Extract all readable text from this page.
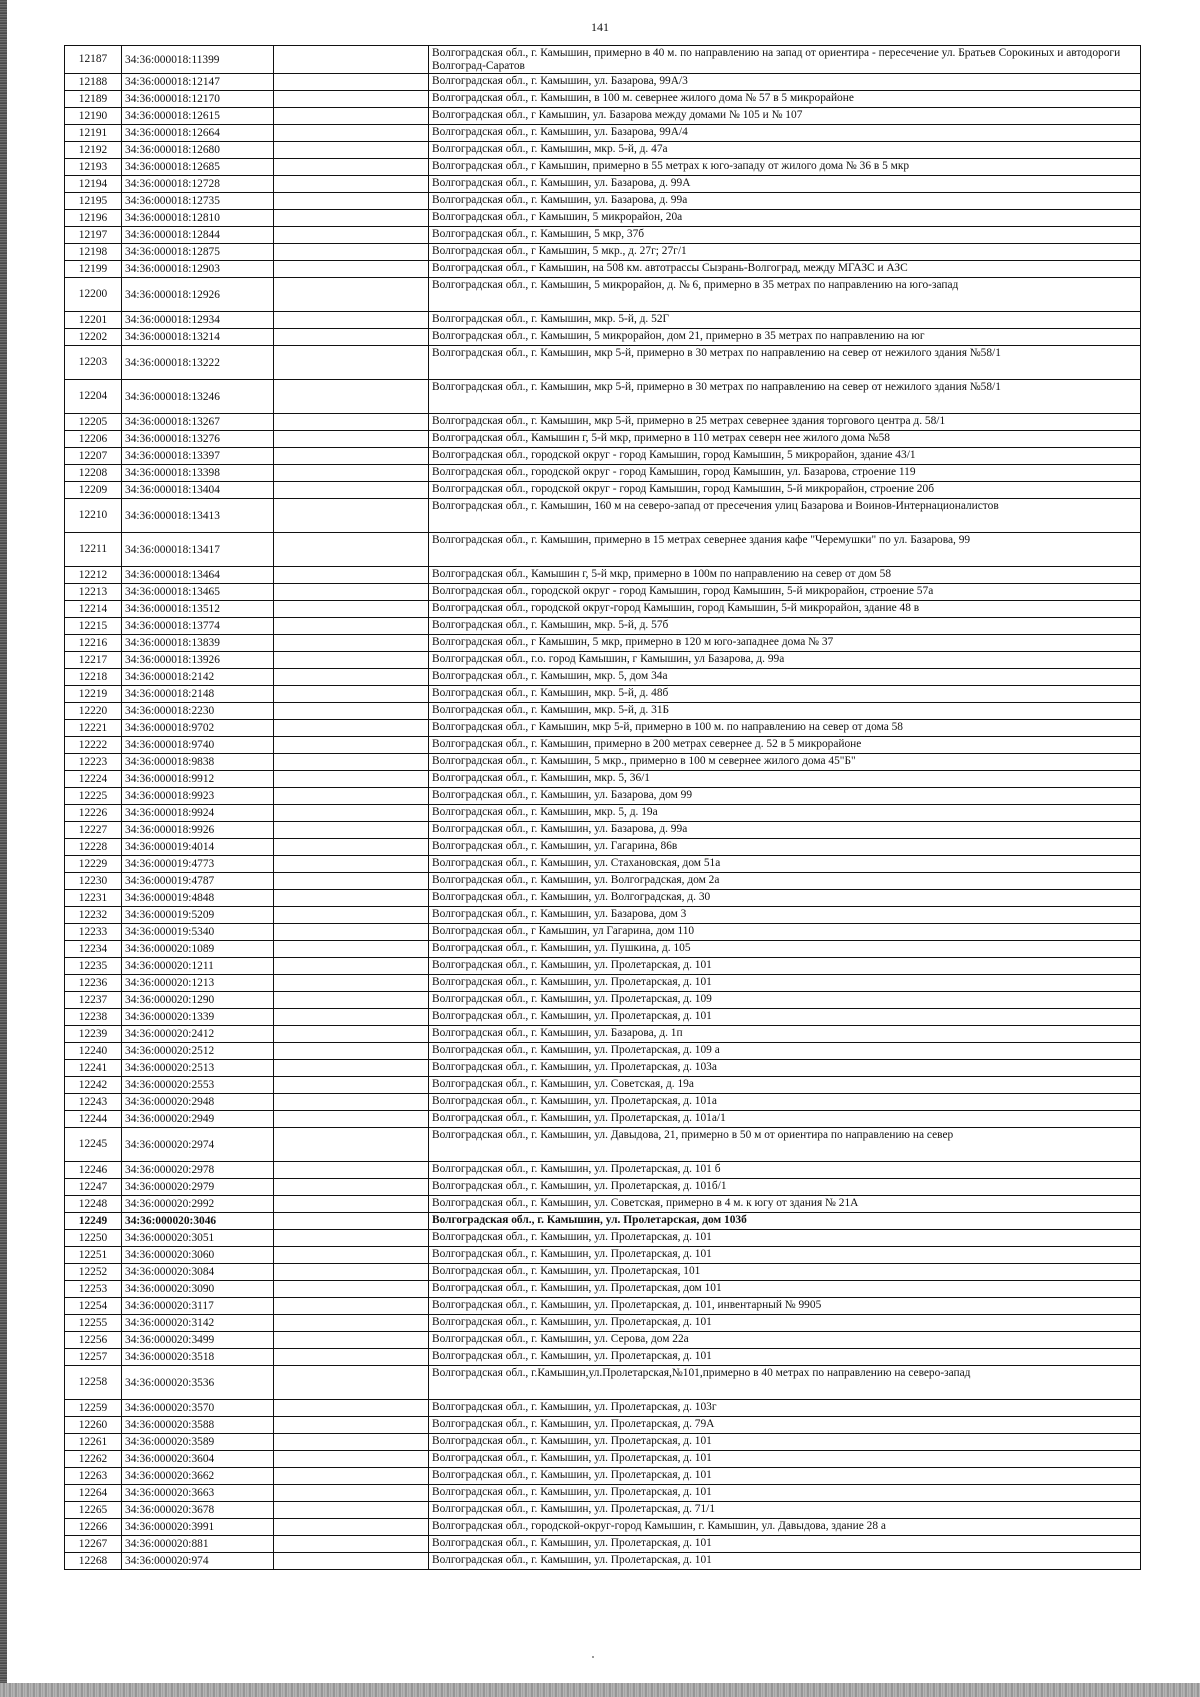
141
12187	34:36:000018:11399		Волгоградская обл., г. Камышин, примерно в 40 м. по направлению на запад от ориентира - пересечение ул. Братьев Сорокиных и автодороги Волгоград-Саратов
12188	34:36:000018:12147		Волгоградская обл., г. Камышин, ул. Базарова, 99А/3
12189	34:36:000018:12170		Волгоградская обл., г. Камышин, в 100 м. севернее жилого дома № 57 в 5 микрорайоне
12190	34:36:000018:12615		Волгоградская обл., г Камышин, ул. Базарова между домами № 105 и № 107
12191	34:36:000018:12664		Волгоградская обл., г. Камышин, ул. Базарова, 99А/4
12192	34:36:000018:12680		Волгоградская обл., г. Камышин, мкр. 5-й, д. 47а
12193	34:36:000018:12685		Волгоградская обл., г Камышин, примерно в 55 метрах к юго-западу от жилого дома № 36 в 5 мкр
12194	34:36:000018:12728		Волгоградская обл., г. Камышин, ул. Базарова, д. 99А
12195	34:36:000018:12735		Волгоградская обл., г. Камышин, ул. Базарова, д. 99а
12196	34:36:000018:12810		Волгоградская обл., г Камышин, 5 микрорайон, 20а
12197	34:36:000018:12844		Волгоградская обл., г. Камышин, 5 мкр, 37б
12198	34:36:000018:12875		Волгоградская обл., г Камышин, 5 мкр., д. 27г; 27г/1
12199	34:36:000018:12903		Волгоградская обл., г Камышин, на 508 км. автотрассы Сызрань-Волгоград, между МГАЗС и АЗС
12200	34:36:000018:12926		Волгоградская обл., г. Камышин, 5 микрорайон, д. № 6, примерно в 35 метрах по направлению на юго-запад
12201	34:36:000018:12934		Волгоградская обл., г. Камышин, мкр. 5-й, д. 52Г
12202	34:36:000018:13214		Волгоградская обл., г. Камышин, 5 микрорайон, дом 21, примерно в 35 метрах по направлению на юг
12203	34:36:000018:13222		Волгоградская обл., г. Камышин, мкр 5-й, примерно в 30 метрах по направлению на север от нежилого здания №58/1
12204	34:36:000018:13246		Волгоградская обл., г. Камышин, мкр 5-й, примерно в 30 метрах по направлению на север от нежилого здания №58/1
12205	34:36:000018:13267		Волгоградская обл., г. Камышин, мкр 5-й, примерно в 25 метрах севернее здания торгового центра д. 58/1
12206	34:36:000018:13276		Волгоградская обл., Камышин г, 5-й мкр, примерно в 110 метрах северн нее жилого дома №58
12207	34:36:000018:13397		Волгоградская обл., городской округ - город Камышин, город Камышин, 5 микрорайон, здание 43/1
12208	34:36:000018:13398		Волгоградская обл., городской округ - город Камышин, город Камышин, ул. Базарова, строение 119
12209	34:36:000018:13404		Волгоградская обл., городской округ - город Камышин, город Камышин, 5-й микрорайон, строение 20б
12210	34:36:000018:13413		Волгоградская обл., г. Камышин, 160 м на северо-запад от пресечения улиц Базарова и Воинов-Интернационалистов
12211	34:36:000018:13417		Волгоградская обл., г. Камышин, примерно в 15 метрах севернее здания кафе "Черемушки" по ул. Базарова, 99
12212	34:36:000018:13464		Волгоградская обл., Камышин г, 5-й мкр, примерно в 100м по направлению на север от дом 58
12213	34:36:000018:13465		Волгоградская обл., городской округ - город Камышин, город Камышин, 5-й микрорайон, строение 57а
12214	34:36:000018:13512		Волгоградская обл., городской округ-город Камышин, город Камышин, 5-й микрорайон, здание 48 в
12215	34:36:000018:13774		Волгоградская обл., г. Камышин, мкр. 5-й, д. 57б
12216	34:36:000018:13839		Волгоградская обл., г Камышин, 5 мкр, примерно в 120 м юго-западнее дома № 37
12217	34:36:000018:13926		Волгоградская обл., г.о. город Камышин, г Камышин, ул Базарова, д. 99а
12218	34:36:000018:2142		Волгоградская обл., г. Камышин, мкр. 5, дом 34а
12219	34:36:000018:2148		Волгоградская обл., г. Камышин, мкр. 5-й, д. 48б
12220	34:36:000018:2230		Волгоградская обл., г. Камышин, мкр. 5-й, д. 31Б
12221	34:36:000018:9702		Волгоградская обл., г Камышин, мкр 5-й, примерно в 100 м. по направлению на север от дома 58
12222	34:36:000018:9740		Волгоградская обл., г. Камышин, примерно в 200 метрах севернее д. 52 в 5 микрорайоне
12223	34:36:000018:9838		Волгоградская обл., г. Камышин, 5 мкр., примерно в 100 м севернее жилого дома 45"Б"
12224	34:36:000018:9912		Волгоградская обл., г. Камышин, мкр. 5, 36/1
12225	34:36:000018:9923		Волгоградская обл., г. Камышин, ул. Базарова, дом 99
12226	34:36:000018:9924		Волгоградская обл., г. Камышин, мкр. 5, д. 19а
12227	34:36:000018:9926		Волгоградская обл., г. Камышин, ул. Базарова, д. 99а
12228	34:36:000019:4014		Волгоградская обл., г. Камышин, ул. Гагарина, 86в
12229	34:36:000019:4773		Волгоградская обл., г. Камышин, ул. Стахановская, дом 51а
12230	34:36:000019:4787		Волгоградская обл., г. Камышин, ул. Волгоградская, дом 2а
12231	34:36:000019:4848		Волгоградская обл., г. Камышин, ул. Волгоградская, д. 30
12232	34:36:000019:5209		Волгоградская обл., г. Камышин, ул. Базарова, дом 3
12233	34:36:000019:5340		Волгоградская обл., г Камышин, ул Гагарина, дом 110
12234	34:36:000020:1089		Волгоградская обл., г. Камышин, ул. Пушкина, д. 105
12235	34:36:000020:1211		Волгоградская обл., г. Камышин, ул. Пролетарская, д. 101
12236	34:36:000020:1213		Волгоградская обл., г. Камышин, ул. Пролетарская, д. 101
12237	34:36:000020:1290		Волгоградская обл., г. Камышин, ул. Пролетарская, д. 109
12238	34:36:000020:1339		Волгоградская обл., г. Камышин, ул. Пролетарская, д. 101
12239	34:36:000020:2412		Волгоградская обл., г. Камышин, ул. Базарова, д. 1п
12240	34:36:000020:2512		Волгоградская обл., г. Камышин, ул. Пролетарская, д. 109 а
12241	34:36:000020:2513		Волгоградская обл., г. Камышин, ул. Пролетарская, д. 103а
12242	34:36:000020:2553		Волгоградская обл., г. Камышин, ул. Советская, д. 19а
12243	34:36:000020:2948		Волгоградская обл., г. Камышин, ул. Пролетарская, д. 101а
12244	34:36:000020:2949		Волгоградская обл., г. Камышин, ул. Пролетарская, д. 101а/1
12245	34:36:000020:2974		Волгоградская обл., г. Камышин, ул. Давыдова, 21, примерно в 50 м от ориентира по направлению на север
12246	34:36:000020:2978		Волгоградская обл., г. Камышин, ул. Пролетарская, д. 101 б
12247	34:36:000020:2979		Волгоградская обл., г. Камышин, ул. Пролетарская, д. 101б/1
12248	34:36:000020:2992		Волгоградская обл., г. Камышин, ул. Советская, примерно в 4 м. к югу от здания № 21А
12249	34:36:000020:3046		Волгоградская обл., г. Камышин, ул. Пролетарская, дом 103б
12250	34:36:000020:3051		Волгоградская обл., г. Камышин, ул. Пролетарская, д. 101
12251	34:36:000020:3060		Волгоградская обл., г. Камышин, ул. Пролетарская, д. 101
12252	34:36:000020:3084		Волгоградская обл., г. Камышин, ул. Пролетарская, 101
12253	34:36:000020:3090		Волгоградская обл., г. Камышин, ул. Пролетарская, дом 101
12254	34:36:000020:3117		Волгоградская обл., г. Камышин, ул. Пролетарская, д. 101, инвентарный № 9905
12255	34:36:000020:3142		Волгоградская обл., г. Камышин, ул. Пролетарская, д. 101
12256	34:36:000020:3499		Волгоградская обл., г. Камышин, ул. Серова, дом 22а
12257	34:36:000020:3518		Волгоградская обл., г. Камышин, ул. Пролетарская, д. 101
12258	34:36:000020:3536		Волгоградская обл., г.Камышин,ул.Пролетарская,№101,примерно в 40 метрах по направлению на северо-запад
12259	34:36:000020:3570		Волгоградская обл., г. Камышин, ул. Пролетарская, д. 103г
12260	34:36:000020:3588		Волгоградская обл., г. Камышин, ул. Пролетарская, д. 79А
12261	34:36:000020:3589		Волгоградская обл., г. Камышин, ул. Пролетарская, д. 101
12262	34:36:000020:3604		Волгоградская обл., г. Камышин, ул. Пролетарская, д. 101
12263	34:36:000020:3662		Волгоградская обл., г. Камышин, ул. Пролетарская, д. 101
12264	34:36:000020:3663		Волгоградская обл., г. Камышин, ул. Пролетарская, д. 101
12265	34:36:000020:3678		Волгоградская обл., г. Камышин, ул. Пролетарская, д. 71/1
12266	34:36:000020:3991		Волгоградская обл., городской-округ-город Камышин, г. Камышин, ул. Давыдова, здание 28 а
12267	34:36:000020:881		Волгоградская обл., г. Камышин, ул. Пролетарская, д. 101
12268	34:36:000020:974		Волгоградская обл., г. Камышин, ул. Пролетарская, д. 101
